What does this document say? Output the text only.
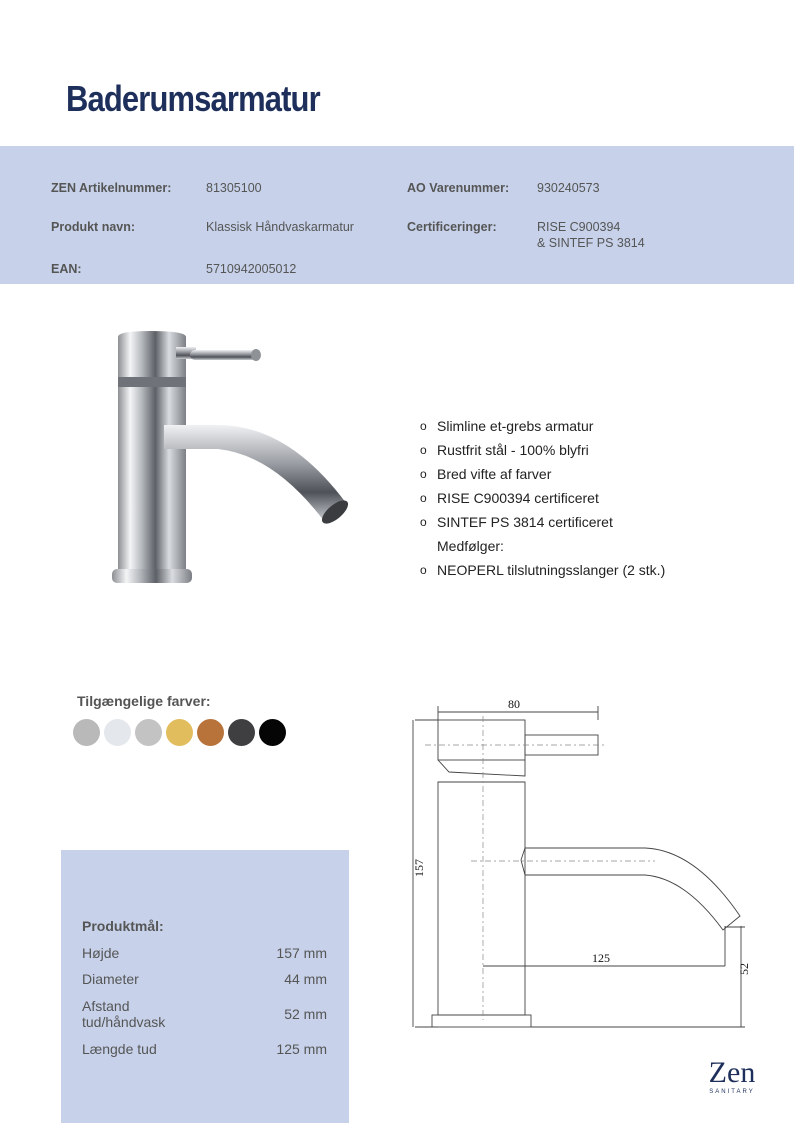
Baderumsarmatur
ZEN Artikelnummer:	81305100	AO Varenummer: 930240573
Produkt navn:	Klassisk Håndvaskarmatur	Certificeringer:	RISE C900394
& SINTEF PS 3814
EAN:	5710942005012
o Slimline et-grebs armatur
o Rustfrit stål - 100% blyfri
o Bred vifte af farver
o RISE C900394 certificeret
o SINTEF PS 3814 certificeret
Medfølger:
o NEOPERL tilslutningsslanger (2 stk.)
Tilgængelige farver:
Produktmål:
Højde	157 mm
Diameter	44 mm
Afstand
tud/håndvask	52 mm
Længde tud	125 mm
80
157
125
52
Zen
SANITARY
